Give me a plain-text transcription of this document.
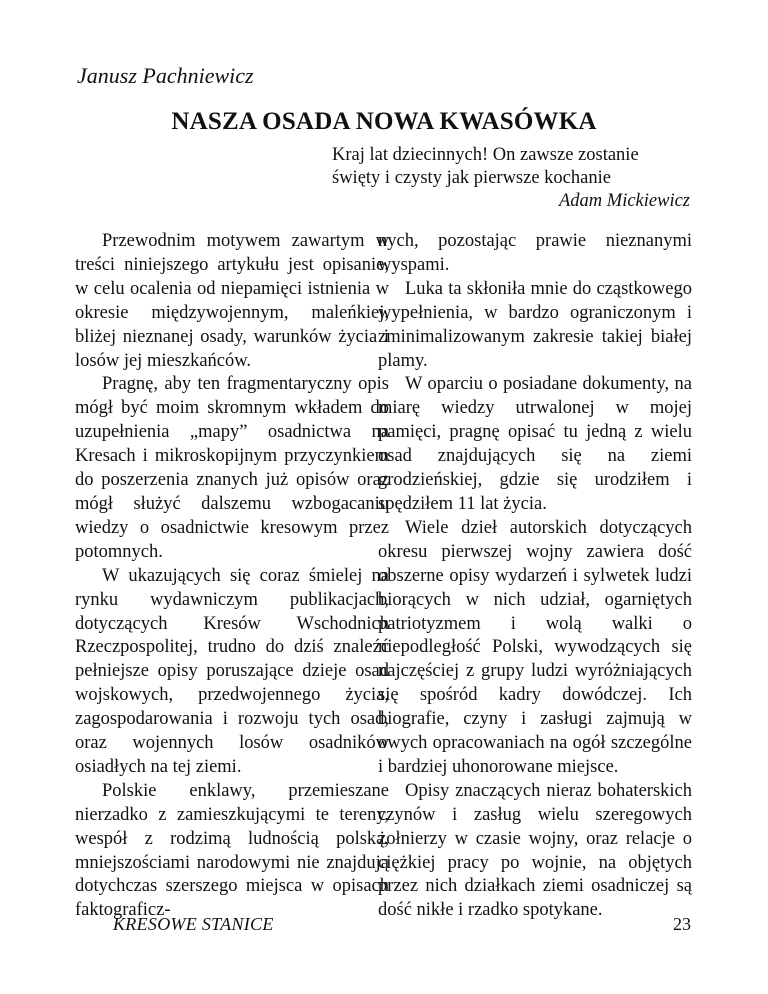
Janusz Pachniewicz
NASZA OSADA NOWA KWASÓWKA
Kraj lat dziecinnych! On zawsze zostanie
święty i czysty jak pierwsze kochanie
Adam Mickiewicz

Przewodnim motywem zawartym w treści niniejszego artykułu jest opisanie, w celu ocalenia od niepamięci istnienia w okresie międzywojennym, maleńkiej, bliżej nieznanej osady, warunków życia i losów jej mieszkańców.

Pragnę, aby ten fragmentaryczny opis mógł być moim skromnym wkładem do uzupełnienia „mapy” osadnictwa na Kresach i mikroskopijnym przyczynkiem do poszerzenia znanych już opisów oraz mógł służyć dalszemu wzbogacaniu wiedzy o osadnictwie kresowym przez potomnych.

W ukazujących się coraz śmielej na rynku wydawniczym publikacjach, dotyczących Kresów Wschodnich Rzeczpospolitej, trudno do dziś znaleźć pełniejsze opisy poruszające dzieje osad wojskowych, przedwojennego życia, zagospodarowania i rozwoju tych osad, oraz wojennych losów osadników osiadłych na tej ziemi.

Polskie enklawy, przemieszane nierzadko z zamieszkującymi te tereny, wespół z rodzimą ludnością polską, mniejszościami narodowymi nie znajdują dotychczas szerszego miejsca w opisach faktograficz-

nych, pozostając prawie nieznanymi wyspami.

Luka ta skłoniła mnie do cząstkowego wypełnienia, w bardzo ograniczonym i zminimalizowanym zakresie takiej białej plamy.

W oparciu o posiadane dokumenty, na miarę wiedzy utrwalonej w mojej pamięci, pragnę opisać tu jedną z wielu osad znajdujących się na ziemi grodzieńskiej, gdzie się urodziłem i spędziłem 11 lat życia.

Wiele dzieł autorskich dotyczących okresu pierwszej wojny zawiera dość obszerne opisy wydarzeń i sylwetek ludzi biorących w nich udział, ogarniętych patriotyzmem i wolą walki o niepodległość Polski, wywodzących się najczęściej z grupy ludzi wyróżniających się spośród kadry dowódczej. Ich biografie, czyny i zasługi zajmują w owych opracowaniach na ogół szczególne i bardziej uhonorowane miejsce.

Opisy znaczących nieraz bohaterskich czynów i zasług wielu szeregowych żołnierzy w czasie wojny, oraz relacje o ciężkiej pracy po wojnie, na objętych przez nich działkach ziemi osadniczej są dość nikłe i rzadko spotykane.

KRESOWE STANICE	23
